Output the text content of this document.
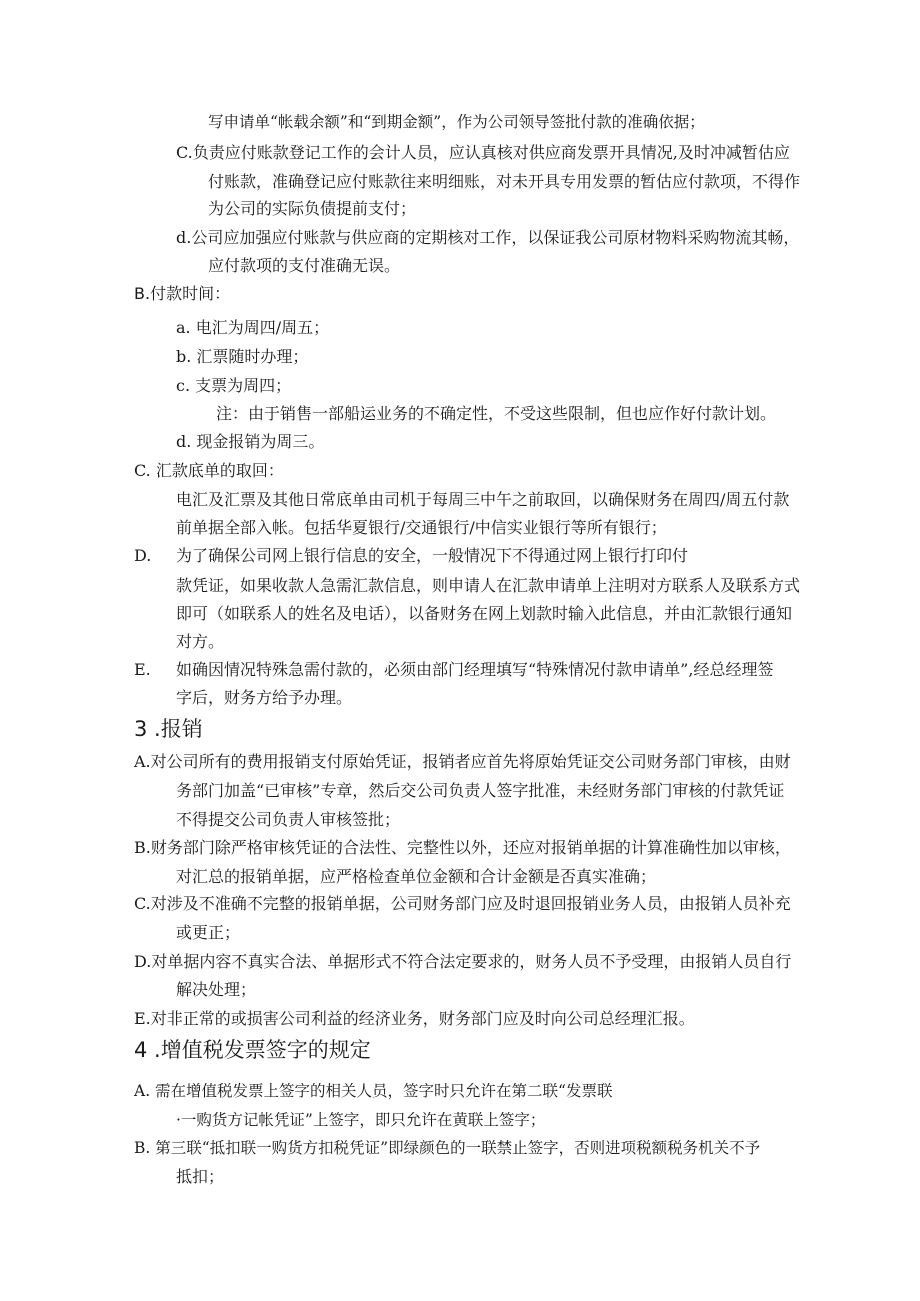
写申请单“帐载余额”和“到期金额”，作为公司领导签批付款的准确依据；
C.负责应付账款登记工作的会计人员，应认真核对供应商发票开具情况,及时冲减暂估应
付账款，准确登记应付账款往来明细账，对未开具专用发票的暂估应付款项，不得作
为公司的实际负债提前支付；
d.公司应加强应付账款与供应商的定期核对工作，以保证我公司原材物料采购物流其畅，
应付款项的支付准确无误。
B.付款时间：
a. 电汇为周四/周五；
b. 汇票随时办理；
c. 支票为周四；
注：由于销售一部船运业务的不确定性，不受这些限制，但也应作好付款计划。
d. 现金报销为周三。
C. 汇款底单的取回：
电汇及汇票及其他日常底单由司机于每周三中午之前取回，以确保财务在周四/周五付款
前单据全部入帐。包括华夏银行/交通银行/中信实业银行等所有银行；
D. 为了确保公司网上银行信息的安全，一般情况下不得通过网上银行打印付
款凭证，如果收款人急需汇款信息，则申请人在汇款申请单上注明对方联系人及联系方式
即可（如联系人的姓名及电话），以备财务在网上划款时输入此信息，并由汇款银行通知
对方。
E. 如确因情况特殊急需付款的，必须由部门经理填写“特殊情况付款申请单”,经总经理签
字后，财务方给予办理。
3 .报销
A.对公司所有的费用报销支付原始凭证，报销者应首先将原始凭证交公司财务部门审核，由财
务部门加盖“已审核”专章，然后交公司负责人签字批准，未经财务部门审核的付款凭证
不得提交公司负责人审核签批；
B.财务部门除严格审核凭证的合法性、完整性以外，还应对报销单据的计算准确性加以审核，
对汇总的报销单据，应严格检查单位金额和合计金额是否真实准确；
C.对涉及不准确不完整的报销单据，公司财务部门应及时退回报销业务人员，由报销人员补充
或更正；
D.对单据内容不真实合法、单据形式不符合法定要求的，财务人员不予受理，由报销人员自行
解决处理；
E.对非正常的或损害公司利益的经济业务，财务部门应及时向公司总经理汇报。
4 .增值税发票签字的规定
A. 需在增值税发票上签字的相关人员，签字时只允许在第二联“发票联
·一购货方记帐凭证”上签字，即只允许在黄联上签字；
B. 第三联“抵扣联一购货方扣税凭证”即绿颜色的一联禁止签字，否则进项税额税务机关不予
抵扣；
